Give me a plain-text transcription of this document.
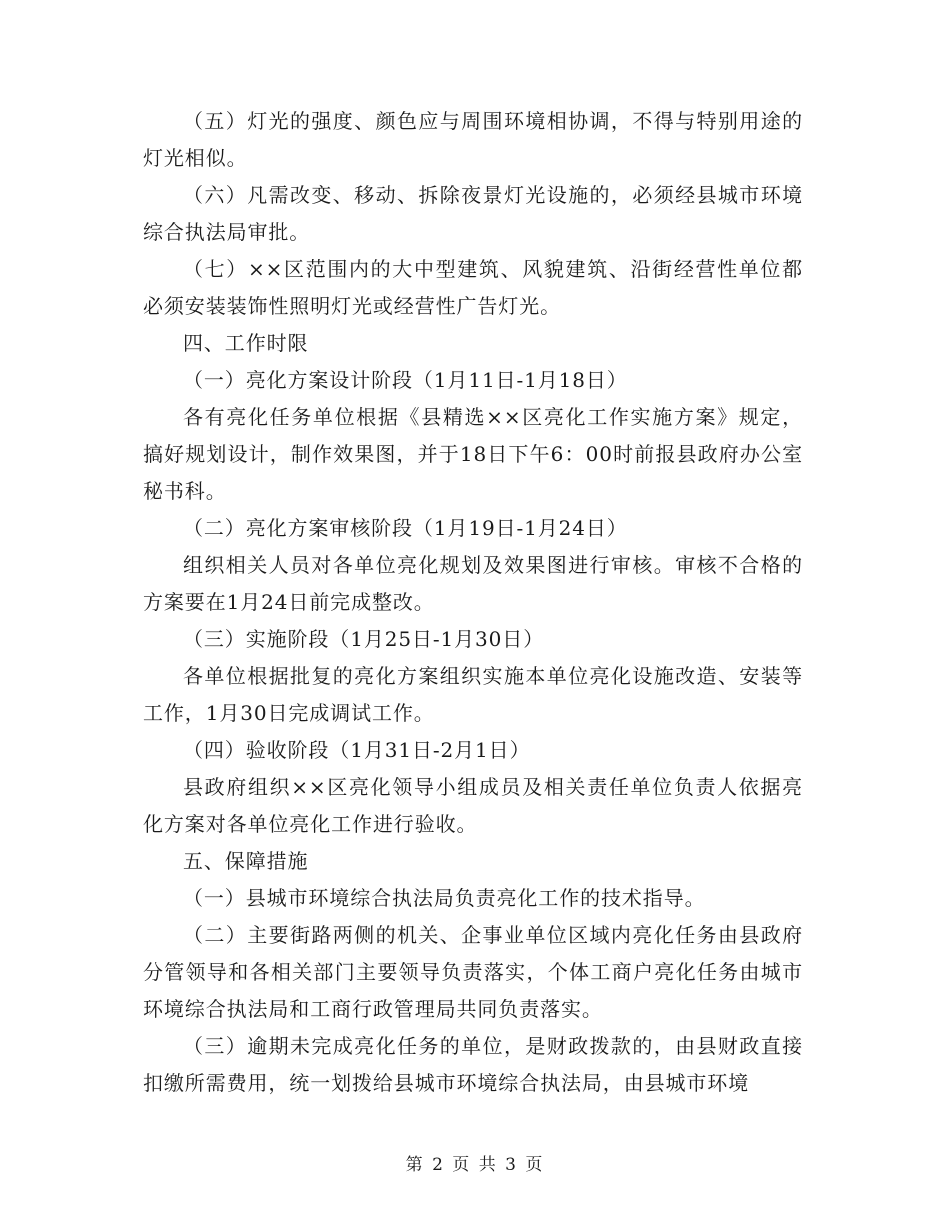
（五）灯光的强度、颜色应与周围环境相协调，不得与特别用途的灯光相似。

（六）凡需改变、移动、拆除夜景灯光设施的，必须经县城市环境综合执法局审批。

（七）××区范围内的大中型建筑、风貌建筑、沿街经营性单位都必须安装装饰性照明灯光或经营性广告灯光。

四、工作时限

（一）亮化方案设计阶段（1月11日-1月18日）

各有亮化任务单位根据《县精选××区亮化工作实施方案》规定，搞好规划设计，制作效果图，并于18日下午6：00时前报县政府办公室秘书科。

（二）亮化方案审核阶段（1月19日-1月24日）

组织相关人员对各单位亮化规划及效果图进行审核。审核不合格的方案要在1月24日前完成整改。

（三）实施阶段（1月25日-1月30日）

各单位根据批复的亮化方案组织实施本单位亮化设施改造、安装等工作，1月30日完成调试工作。

（四）验收阶段（1月31日-2月1日）

县政府组织××区亮化领导小组成员及相关责任单位负责人依据亮化方案对各单位亮化工作进行验收。

五、保障措施

（一）县城市环境综合执法局负责亮化工作的技术指导。

（二）主要街路两侧的机关、企事业单位区域内亮化任务由县政府分管领导和各相关部门主要领导负责落实，个体工商户亮化任务由城市环境综合执法局和工商行政管理局共同负责落实。

（三）逾期未完成亮化任务的单位，是财政拨款的，由县财政直接扣缴所需费用，统一划拨给县城市环境综合执法局，由县城市环境

第 2 页 共 3 页
